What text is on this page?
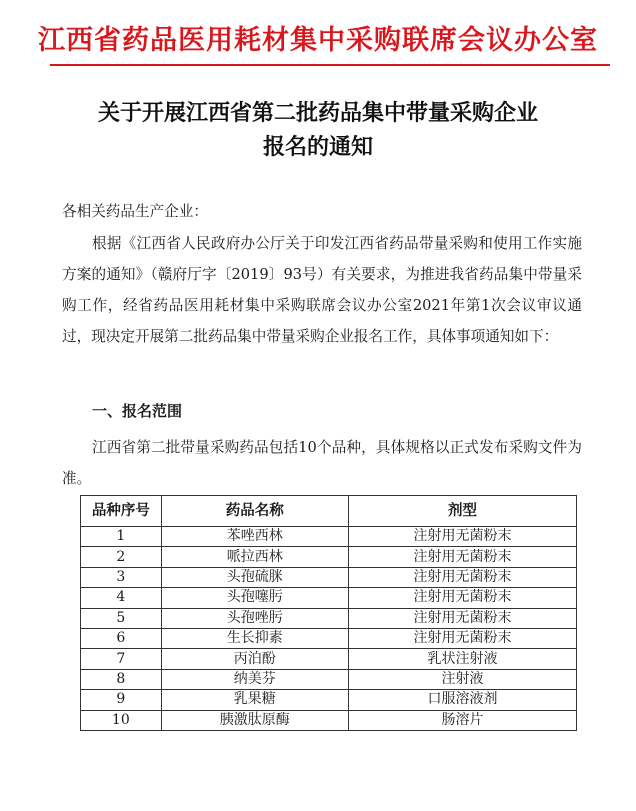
江西省药品医用耗材集中采购联席会议办公室
关于开展江西省第二批药品集中带量采购企业
报名的通知
各相关药品生产企业：
根据《江西省人民政府办公厅关于印发江西省药品带量采购和使用工作实施方案的通知》（赣府厅字〔2019〕93号）有关要求，为推进我省药品集中带量采购工作，经省药品医用耗材集中采购联席会议办公室2021年第1次会议审议通过，现决定开展第二批药品集中带量采购企业报名工作，具体事项通知如下：
一、报名范围
江西省第二批带量采购药品包括10个品种，具体规格以正式发布采购文件为准。
品种序号	药品名称	剂型
1	苯唑西林	注射用无菌粉末
2	哌拉西林	注射用无菌粉末
3	头孢硫脒	注射用无菌粉末
4	头孢噻肟	注射用无菌粉末
5	头孢唑肟	注射用无菌粉末
6	生长抑素	注射用无菌粉末
7	丙泊酚	乳状注射液
8	纳美芬	注射液
9	乳果糖	口服溶液剂
10	胰激肽原酶	肠溶片
